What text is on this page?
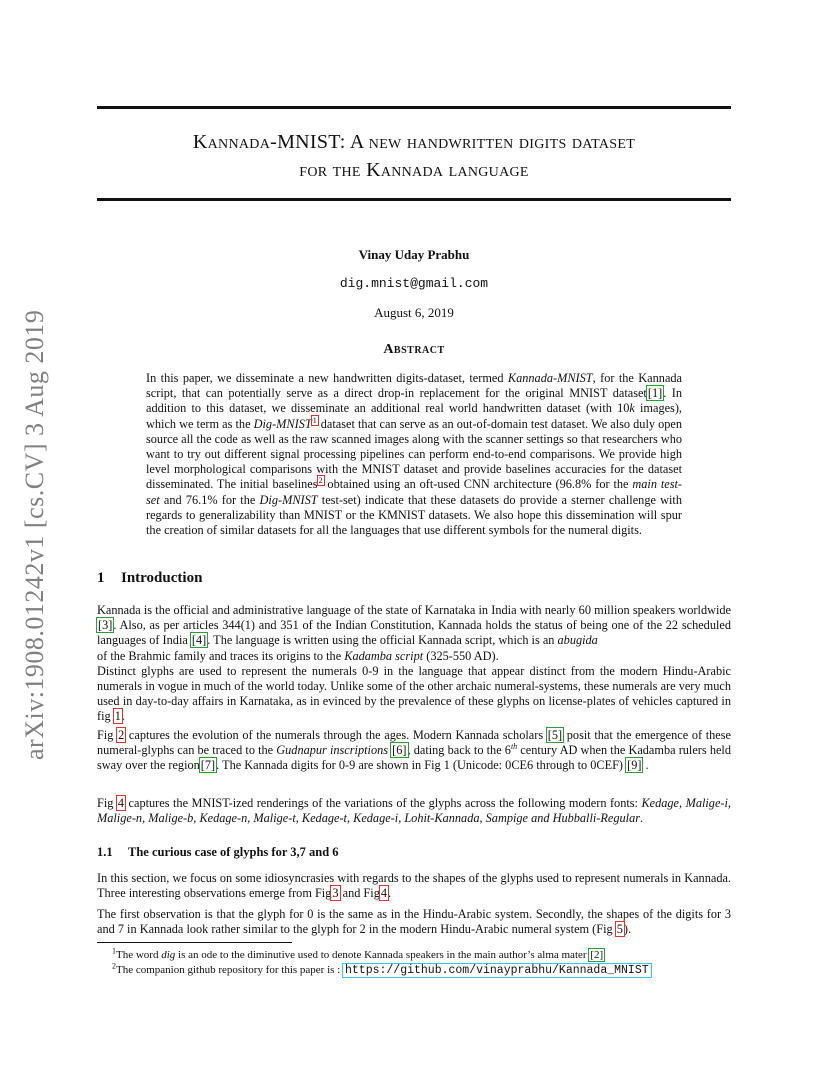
Kannada-MNIST: A new handwritten digits dataset
for the Kannada language
arXiv:1908.01242v1 [cs.CV] 3 Aug 2019
Vinay Uday Prabhu
dig.mnist@gmail.com
August 6, 2019
Abstract
In this paper, we disseminate a new handwritten digits-dataset, termed Kannada-MNIST, for the Kannada script, that can potentially serve as a direct drop-in replacement for the original MNIST dataset[1]. In addition to this dataset, we disseminate an additional real world handwritten dataset (with 10k images), which we term as the Dig-MNIST$^1$ dataset that can serve as an out-of-domain test dataset. We also duly open source all the code as well as the raw scanned images along with the scanner settings so that researchers who want to try out different signal processing pipelines can perform end-to-end comparisons. We provide high level morphological comparisons with the MNIST dataset and provide baselines accuracies for the dataset disseminated. The initial baselines$^2$ obtained using an oft-used CNN architecture (96.8% for the main test-set and 76.1% for the Dig-MNIST test-set) indicate that these datasets do provide a sterner challenge with regards to generalizability than MNIST or the KMNIST datasets. We also hope this dissemination will spur the creation of similar datasets for all the languages that use different symbols for the numeral digits.
1 Introduction

Kannada is the official and administrative language of the state of Karnataka in India with nearly 60 million speakers worldwide [3]. Also, as per articles 344(1) and 351 of the Indian Constitution, Kannada holds the status of being one of the 22 scheduled languages of India [4]. The language is written using the official Kannada script, which is an abugida
of the Brahmic family and traces its origins to the Kadamba script (325-550 AD).
Distinct glyphs are used to represent the numerals 0-9 in the language that appear distinct from the modern Hindu-Arabic numerals in vogue in much of the world today. Unlike some of the other archaic numeral-systems, these numerals are very much used in day-to-day affairs in Karnataka, as in evinced by the prevalence of these glyphs on license-plates of vehicles captured in fig 1.

Fig 2 captures the evolution of the numerals through the ages. Modern Kannada scholars [5] posit that the emergence of these numeral-glyphs can be traced to the Gudnapur inscriptions [6], dating back to the 6th century AD when the Kadamba rulers held sway over the region[7]. The Kannada digits for 0-9 are shown in Fig 1 (Unicode: 0CE6 through to 0CEF) [9] .

Fig 4 captures the MNIST-ized renderings of the variations of the glyphs across the following modern fonts: Kedage, Malige-i, Malige-n, Malige-b, Kedage-n, Malige-t, Kedage-t, Kedage-i, Lohit-Kannada, Sampige and Hubballi-Regular.

1.1 The curious case of glyphs for 3,7 and 6

In this section, we focus on some idiosyncrasies with regards to the shapes of the glyphs used to represent numerals in Kannada. Three interesting observations emerge from Fig3 and Fig4.

The first observation is that the glyph for 0 is the same as in the Hindu-Arabic system. Secondly, the shapes of the digits for 3 and 7 in Kannada look rather similar to the glyph for 2 in the modern Hindu-Arabic numeral system (Fig 5).

$^1$The word dig is an ode to the diminutive used to denote Kannada speakers in the main author’s alma mater [2]
$^2$The companion github repository for this paper is : https://github.com/vinayprabhu/Kannada_MNIST
